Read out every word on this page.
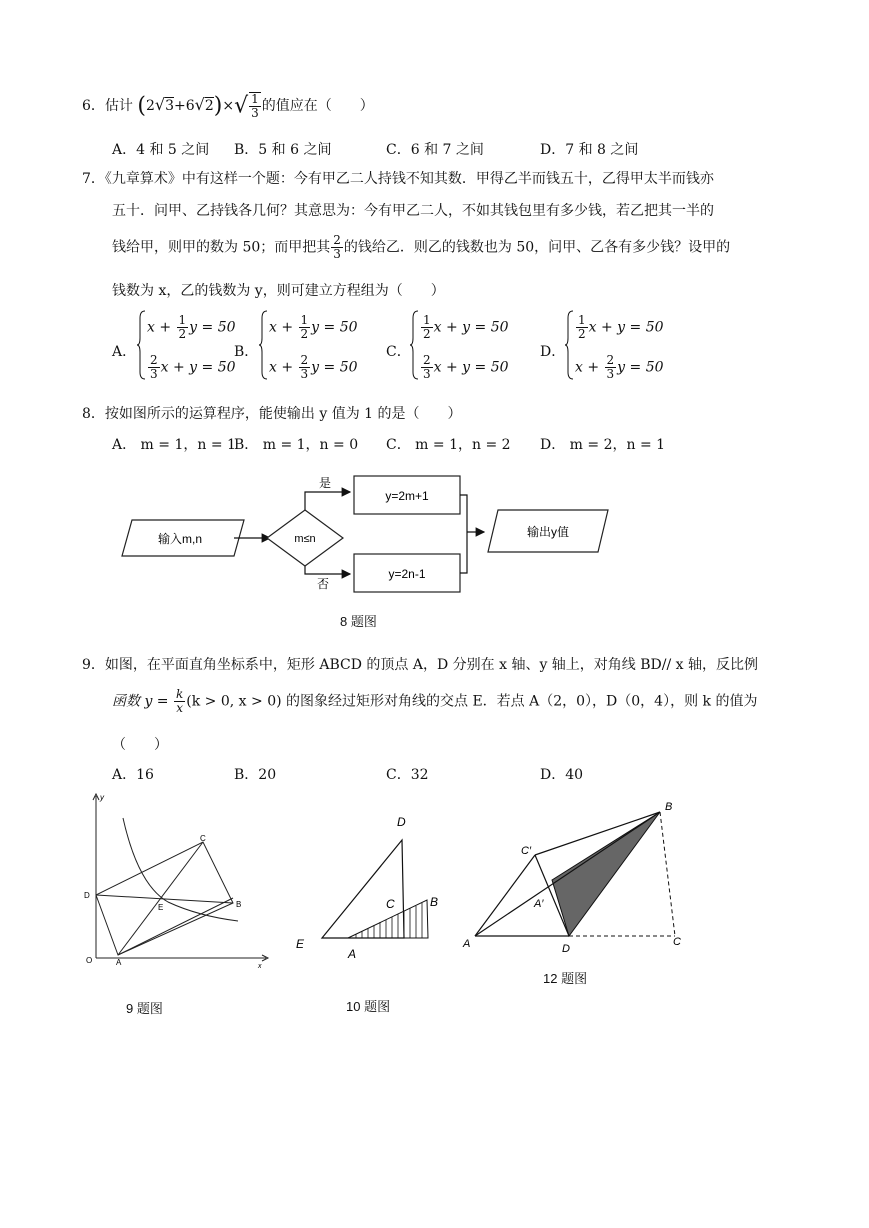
6．估计 $(2√3+6√2)\times√ \frac{1}{3}$ 的值应在（　　）
A．4 和 5 之间 B．5 和 6 之间	C．6 和 7 之间	D．7 和 8 之间
7．《九章算术》中有这样一个题：今有甲乙二人持钱不知其数．甲得乙半而钱五十，乙得甲太半而钱亦
五十．问甲、乙持钱各几何？其意思为：今有甲乙二人，不如其钱包里有多少钱，若乙把其一半的
钱给甲，则甲的数为 50；而甲把其 $\frac{2}{3}$ 的钱给乙．则乙的钱数也为 50，问甲、乙各有多少钱？设甲的
钱数为 x，乙的钱数为 y，则可建立方程组为（　　）
A．
$x + \frac{1}{2}$ y = 50
$\frac{2}{3}$ x + y = 50
B．
$x + \frac{1}{2}$ y = 50
$x + \frac{2}{3}$ y = 50
C．
$\frac{1}{2}$ x + y = 50
$\frac{2}{3}$ x + y = 50
D．
$\frac{1}{2}$ x + y = 50
$x + \frac{2}{3}$ y = 50
8．按如图所示的运算程序，能使输出 y 值为 1 的是（　　）
A． m = 1，n = 1
B． m = 1，n = 0 C． m = 1，n = 2 D． m = 2，n = 1
输入m,n	m≤n
是
y=2m+1
否
y=2n-1
输出y值
8 题图
9．如图，在平面直角坐标系中，矩形 ABCD 的顶点 A，D 分别在 x 轴、y 轴上，对角线 BD// x 轴，反比例
函数 $y = \frac{k}{x} (k > 0$, x > 0) 的图象经过矩形对角线的交点 E．若点 A（2，0），D（0，4），则 k 的值为
（　　）
A．16	B．20	C．32	D．40
y
x
O	A
D
B
C
E
9 题图
D
C	B
E
A
10 题图
B
C′
A′
A	D
C
12 题图
